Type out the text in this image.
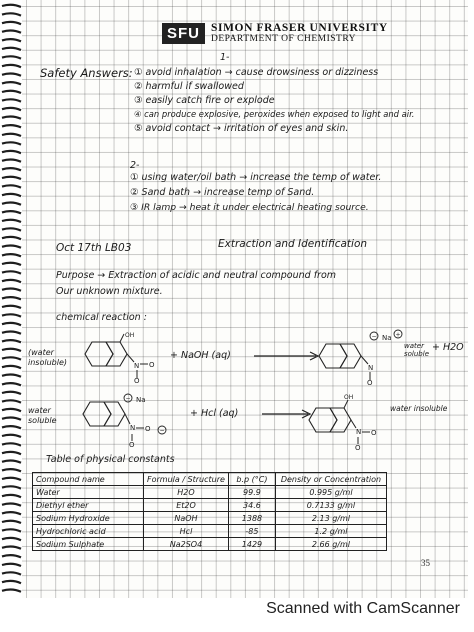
SFU SIMON FRASER UNIVERSITY
DEPARTMENT OF CHEMISTRY
1-
Safety Answers: ① avoid inhalation → cause drowsiness or dizziness
② harmful if swallowed
③ easily catch fire or explode
④ can produce explosive, peroxides when exposed to light and air.
⑤ avoid contact → irritation of eyes and skin.
2-
① using water/oil bath → increase the temp of water.
② Sand bath → increase temp of Sand.
③ IR lamp → heat it under electrical heating source.
Oct 17th LB03	Extraction and Identification
Purpose → Extraction of acidic and neutral compound from
Our unknown mixture.
chemical reaction :
(water insoluble)
OH
N O
O
+ NaOH (aq)
− Na +
N
O
water soluble
+ H2O
water soluble
− Na
N O −
O
+ Hcl (aq) →
OH
N O
O
water insoluble
Table of physical constants
Compound name	Formula / Structure	b.p (°C)	Density or Concentration
Water	H2O	99.9	0.995 g/ml
Diethyl ether	Et2O	34.6	0.7133 g/ml
Sodium Hydroxide	NaOH	1388	2.13 g/ml
Hydrochloric acid	Hcl	-85	1.2 g/ml
Sodium Sulphate	Na2SO4	1429	2.66 g/ml
35
Scanned with CamScanner
